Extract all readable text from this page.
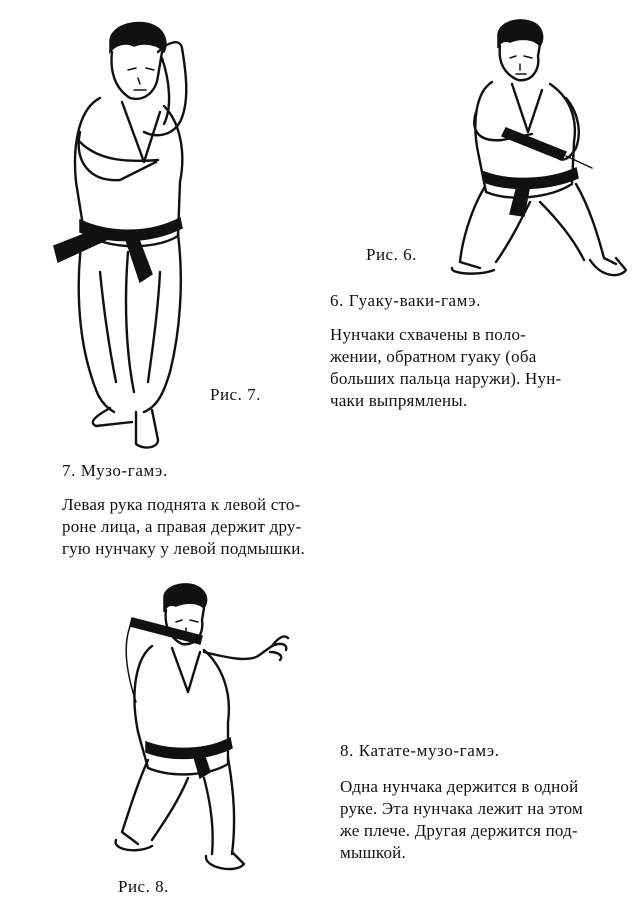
Рис. 7.
Рис. 6.
6. Гуаку-ваки-гамэ.
Нунчаки схвачены в поло-
жении, обратном гуаку (оба
больших пальца наружи). Нун-
чаки выпрямлены.
7. Музо-гамэ.
Левая рука поднята к левой сто-
роне лица, а правая держит дру-
гую нунчаку у левой подмышки.
Рис. 8.
8. Катате-музо-гамэ.
Одна нунчака держится в одной
руке. Эта нунчака лежит на этом
же плече. Другая держится под-
мышкой.
